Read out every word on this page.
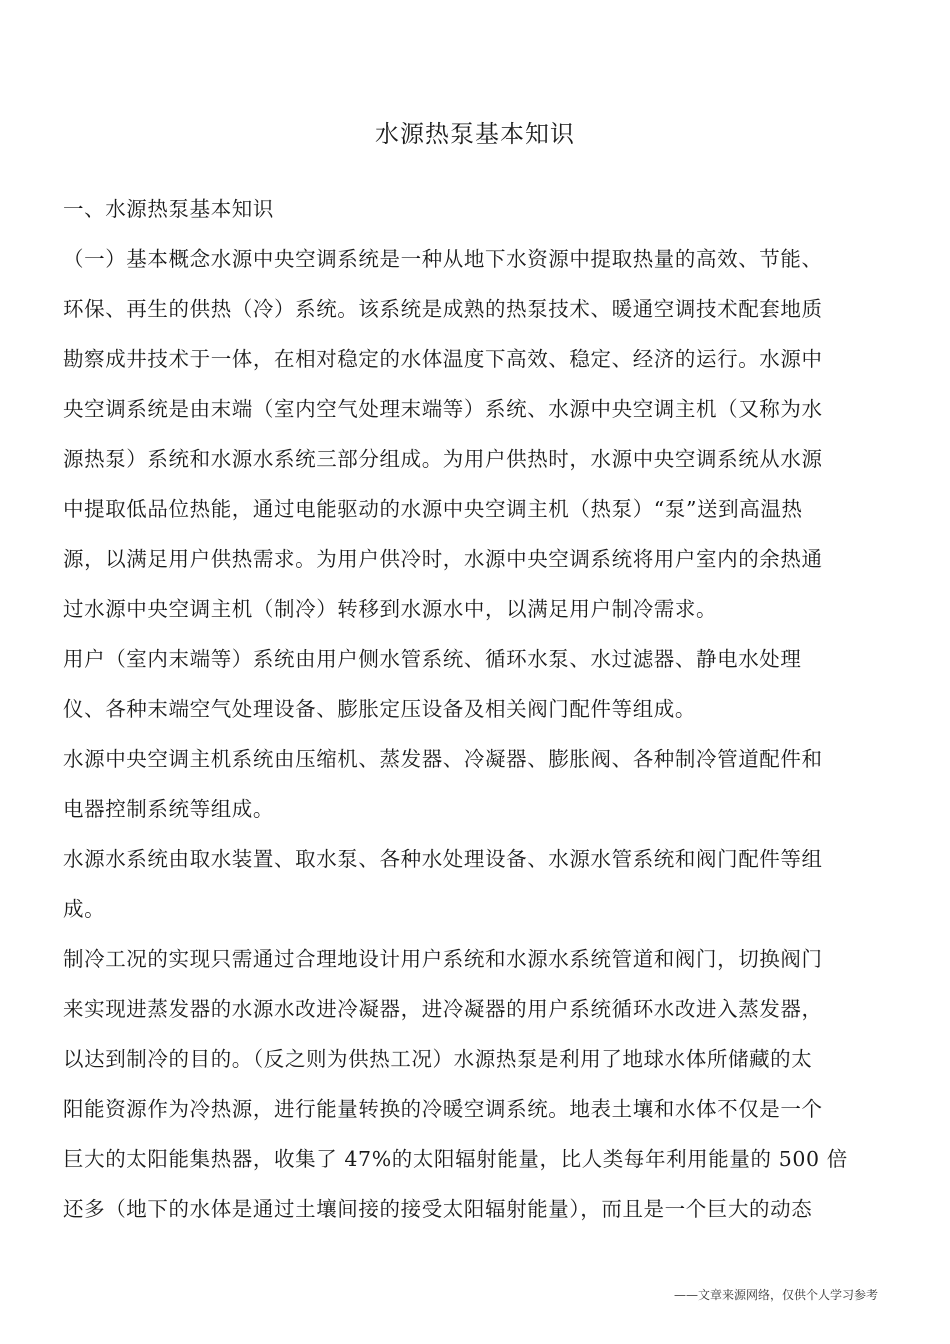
水源热泵基本知识
一、水源热泵基本知识
（一）基本概念水源中央空调系统是一种从地下水资源中提取热量的高效、节能、
环保、再生的供热（冷）系统。该系统是成熟的热泵技术、暖通空调技术配套地质
勘察成井技术于一体，在相对稳定的水体温度下高效、稳定、经济的运行。水源中
央空调系统是由末端（室内空气处理末端等）系统、水源中央空调主机（又称为水
源热泵）系统和水源水系统三部分组成。为用户供热时，水源中央空调系统从水源
中提取低品位热能，通过电能驱动的水源中央空调主机（热泵）“泵”送到高温热
源，以满足用户供热需求。为用户供冷时，水源中央空调系统将用户室内的余热通
过水源中央空调主机（制冷）转移到水源水中，以满足用户制冷需求。
用户（室内末端等）系统由用户侧水管系统、循环水泵、水过滤器、静电水处理
仪、各种末端空气处理设备、膨胀定压设备及相关阀门配件等组成。
水源中央空调主机系统由压缩机、蒸发器、冷凝器、膨胀阀、各种制冷管道配件和
电器控制系统等组成。
水源水系统由取水装置、取水泵、各种水处理设备、水源水管系统和阀门配件等组
成。
制冷工况的实现只需通过合理地设计用户系统和水源水系统管道和阀门，切换阀门
来实现进蒸发器的水源水改进冷凝器，进冷凝器的用户系统循环水改进入蒸发器，
以达到制冷的目的。（反之则为供热工况）水源热泵是利用了地球水体所储藏的太
阳能资源作为冷热源，进行能量转换的冷暖空调系统。地表土壤和水体不仅是一个
巨大的太阳能集热器，收集了 47%的太阳辐射能量，比人类每年利用能量的 500 倍
还多（地下的水体是通过土壤间接的接受太阳辐射能量），而且是一个巨大的动态
——文章来源网络，仅供个人学习参考
